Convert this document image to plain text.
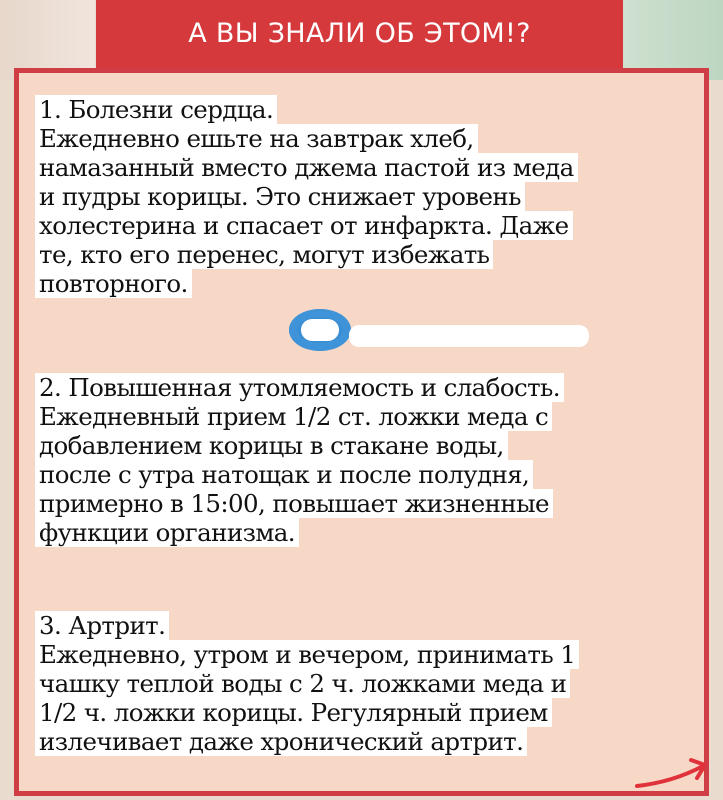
А ВЫ ЗНАЛИ ОБ ЭТОМ!?
1. Болезни сердца.
Ежедневно ешьте на завтрак хлеб,
намазанный вместо джема пастой из меда
и пудры корицы. Это снижает уровень
холестерина и спасает от инфаркта. Даже
те, кто его перенес, могут избежать
повторного.
2. Повышенная утомляемость и слабость.
Ежедневный прием 1/2 ст. ложки меда с
добавлением корицы в стакане воды,
после с утра натощак и после полудня,
примерно в 15:00, повышает жизненные
функции организма.
3. Артрит.
Ежедневно, утром и вечером, принимать 1
чашку теплой воды с 2 ч. ложками меда и
1/2 ч. ложки корицы. Регулярный прием
излечивает даже хронический артрит.
